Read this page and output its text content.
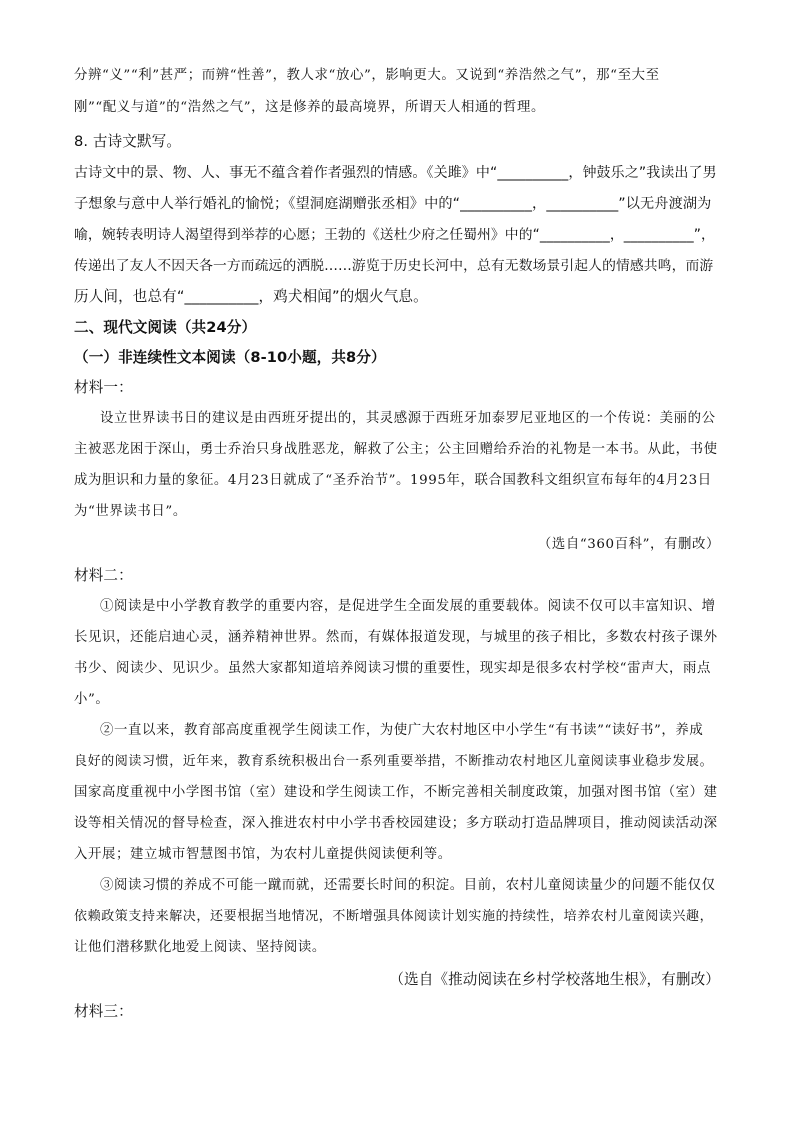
分辨“义”“利”甚严；而辨“性善”，教人求“放心”，影响更大。又说到“养浩然之气”，那“至大至
刚”“配义与道”的“浩然之气”，这是修养的最高境界，所谓天人相通的哲理。
8. 古诗文默写。
古诗文中的景、物、人、事无不蕴含着作者强烈的情感。《关雎》中“__________，钟鼓乐之”我读出了男
子想象与意中人举行婚礼的愉悦；《望洞庭湖赠张丞相》中的“__________，__________”以无舟渡湖为
喻，婉转表明诗人渴望得到举荐的心愿；王勃的《送杜少府之任蜀州》中的“__________，__________”，
传递出了友人不因天各一方而疏远的洒脱……游览于历史长河中，总有无数场景引起人的情感共鸣，而游
历人间，也总有“__________，鸡犬相闻”的烟火气息。
二、现代文阅读（共24分）
（一）非连续性文本阅读（8-10小题，共8分）
材料一：
设立世界读书日的建议是由西班牙提出的，其灵感源于西班牙加泰罗尼亚地区的一个传说：美丽的公
主被恶龙困于深山，勇士乔治只身战胜恶龙，解救了公主；公主回赠给乔治的礼物是一本书。从此，书使
成为胆识和力量的象征。4月23日就成了“圣乔治节”。1995年，联合国教科文组织宣布每年的4月23日
为“世界读书日”。
（选自“360百科”，有删改）
材料二：
①阅读是中小学教育教学的重要内容，是促进学生全面发展的重要载体。阅读不仅可以丰富知识、增
长见识，还能启迪心灵，涵养精神世界。然而，有媒体报道发现，与城里的孩子相比，多数农村孩子课外
书少、阅读少、见识少。虽然大家都知道培养阅读习惯的重要性，现实却是很多农村学校“雷声大，雨点
小”。
②一直以来，教育部高度重视学生阅读工作，为使广大农村地区中小学生“有书读”“读好书”，养成
良好的阅读习惯，近年来，教育系统积极出台一系列重要举措，不断推动农村地区儿童阅读事业稳步发展。
国家高度重视中小学图书馆（室）建设和学生阅读工作，不断完善相关制度政策，加强对图书馆（室）建
设等相关情况的督导检查，深入推进农村中小学书香校园建设；多方联动打造品牌项目，推动阅读活动深
入开展；建立城市智慧图书馆，为农村儿童提供阅读便利等。
③阅读习惯的养成不可能一蹴而就，还需要长时间的积淀。目前，农村儿童阅读量少的问题不能仅仅
依赖政策支持来解决，还要根据当地情况，不断增强具体阅读计划实施的持续性，培养农村儿童阅读兴趣，
让他们潜移默化地爱上阅读、坚持阅读。
（选自《推动阅读在乡村学校落地生根》，有删改）
材料三：
